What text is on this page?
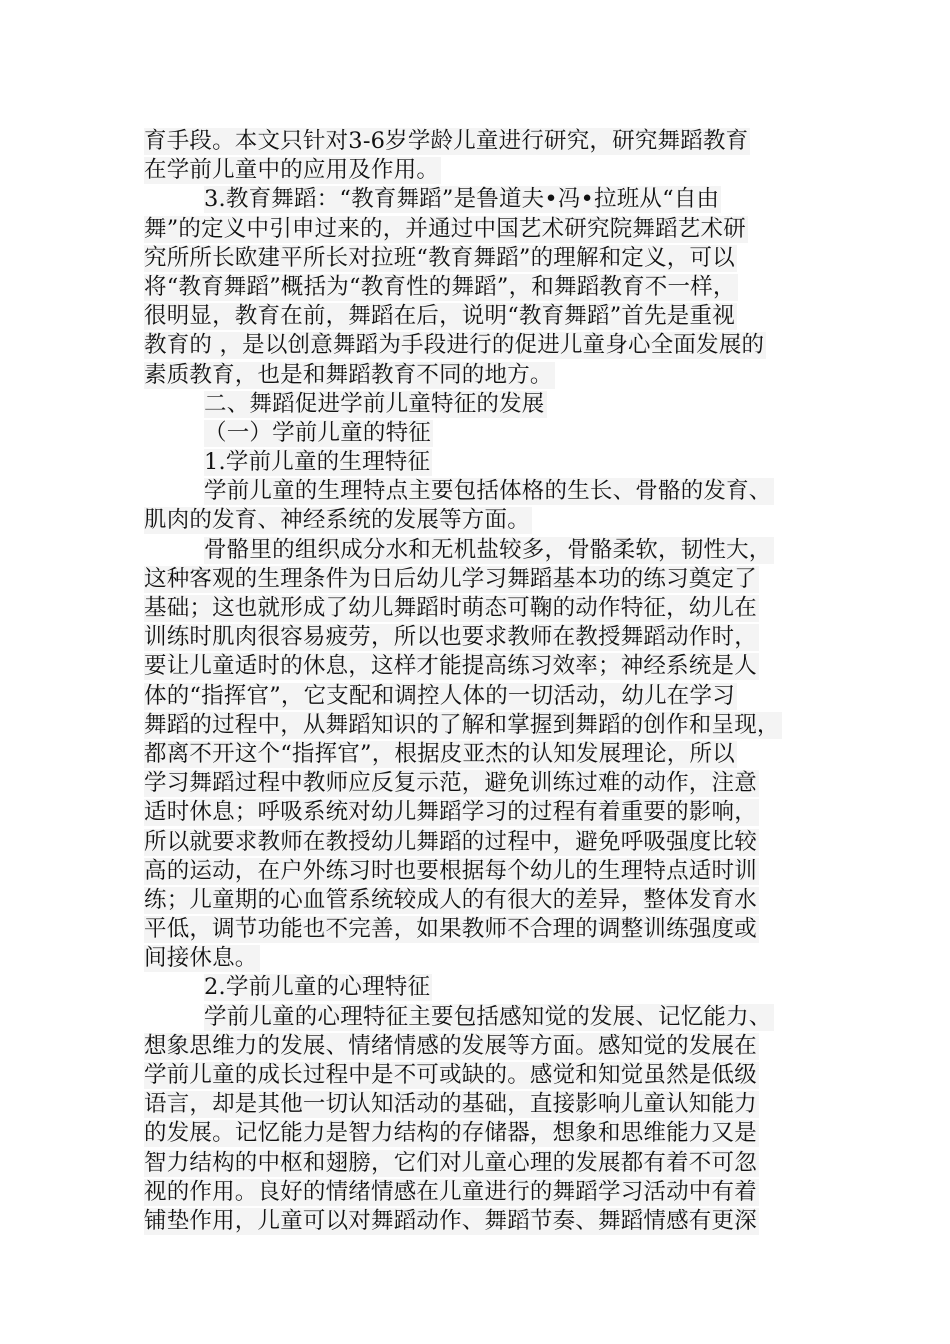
育手段。本文只针对3-6岁学龄儿童进行研究，研究舞蹈教育
在学前儿童中的应用及作用。
3.教育舞蹈：“教育舞蹈”是鲁道夫•冯•拉班从“自由
舞”的定义中引申过来的，并通过中国艺术研究院舞蹈艺术研
究所所长欧建平所长对拉班“教育舞蹈”的理解和定义，可以
将“教育舞蹈”概括为“教育性的舞蹈”，和舞蹈教育不一样，
很明显，教育在前，舞蹈在后，说明“教育舞蹈”首先是重视
教育的 ，是以创意舞蹈为手段进行的促进儿童身心全面发展的
素质教育，也是和舞蹈教育不同的地方。
二、舞蹈促进学前儿童特征的发展
（一）学前儿童的特征
1.学前儿童的生理特征
学前儿童的生理特点主要包括体格的生长、骨骼的发育、
肌肉的发育、神经系统的发展等方面。
骨骼里的组织成分水和无机盐较多，骨骼柔软，韧性大，
这种客观的生理条件为日后幼儿学习舞蹈基本功的练习奠定了
基础；这也就形成了幼儿舞蹈时萌态可鞠的动作特征，幼儿在
训练时肌肉很容易疲劳，所以也要求教师在教授舞蹈动作时，
要让儿童适时的休息，这样才能提高练习效率；神经系统是人
体的“指挥官”，它支配和调控人体的一切活动，幼儿在学习
舞蹈的过程中，从舞蹈知识的了解和掌握到舞蹈的创作和呈现，
都离不开这个“指挥官”，根据皮亚杰的认知发展理论，所以
学习舞蹈过程中教师应反复示范，避免训练过难的动作，注意
适时休息；呼吸系统对幼儿舞蹈学习的过程有着重要的影响，
所以就要求教师在教授幼儿舞蹈的过程中，避免呼吸强度比较
高的运动，在户外练习时也要根据每个幼儿的生理特点适时训
练；儿童期的心血管系统较成人的有很大的差异，整体发育水
平低，调节功能也不完善，如果教师不合理的调整训练强度或
间接休息。
2.学前儿童的心理特征
学前儿童的心理特征主要包括感知觉的发展、记忆能力、
想象思维力的发展、情绪情感的发展等方面。感知觉的发展在
学前儿童的成长过程中是不可或缺的。感觉和知觉虽然是低级
语言，却是其他一切认知活动的基础，直接影响儿童认知能力
的发展。记忆能力是智力结构的存储器，想象和思维能力又是
智力结构的中枢和翅膀，它们对儿童心理的发展都有着不可忽
视的作用。良好的情绪情感在儿童进行的舞蹈学习活动中有着
铺垫作用，儿童可以对舞蹈动作、舞蹈节奏、舞蹈情感有更深
